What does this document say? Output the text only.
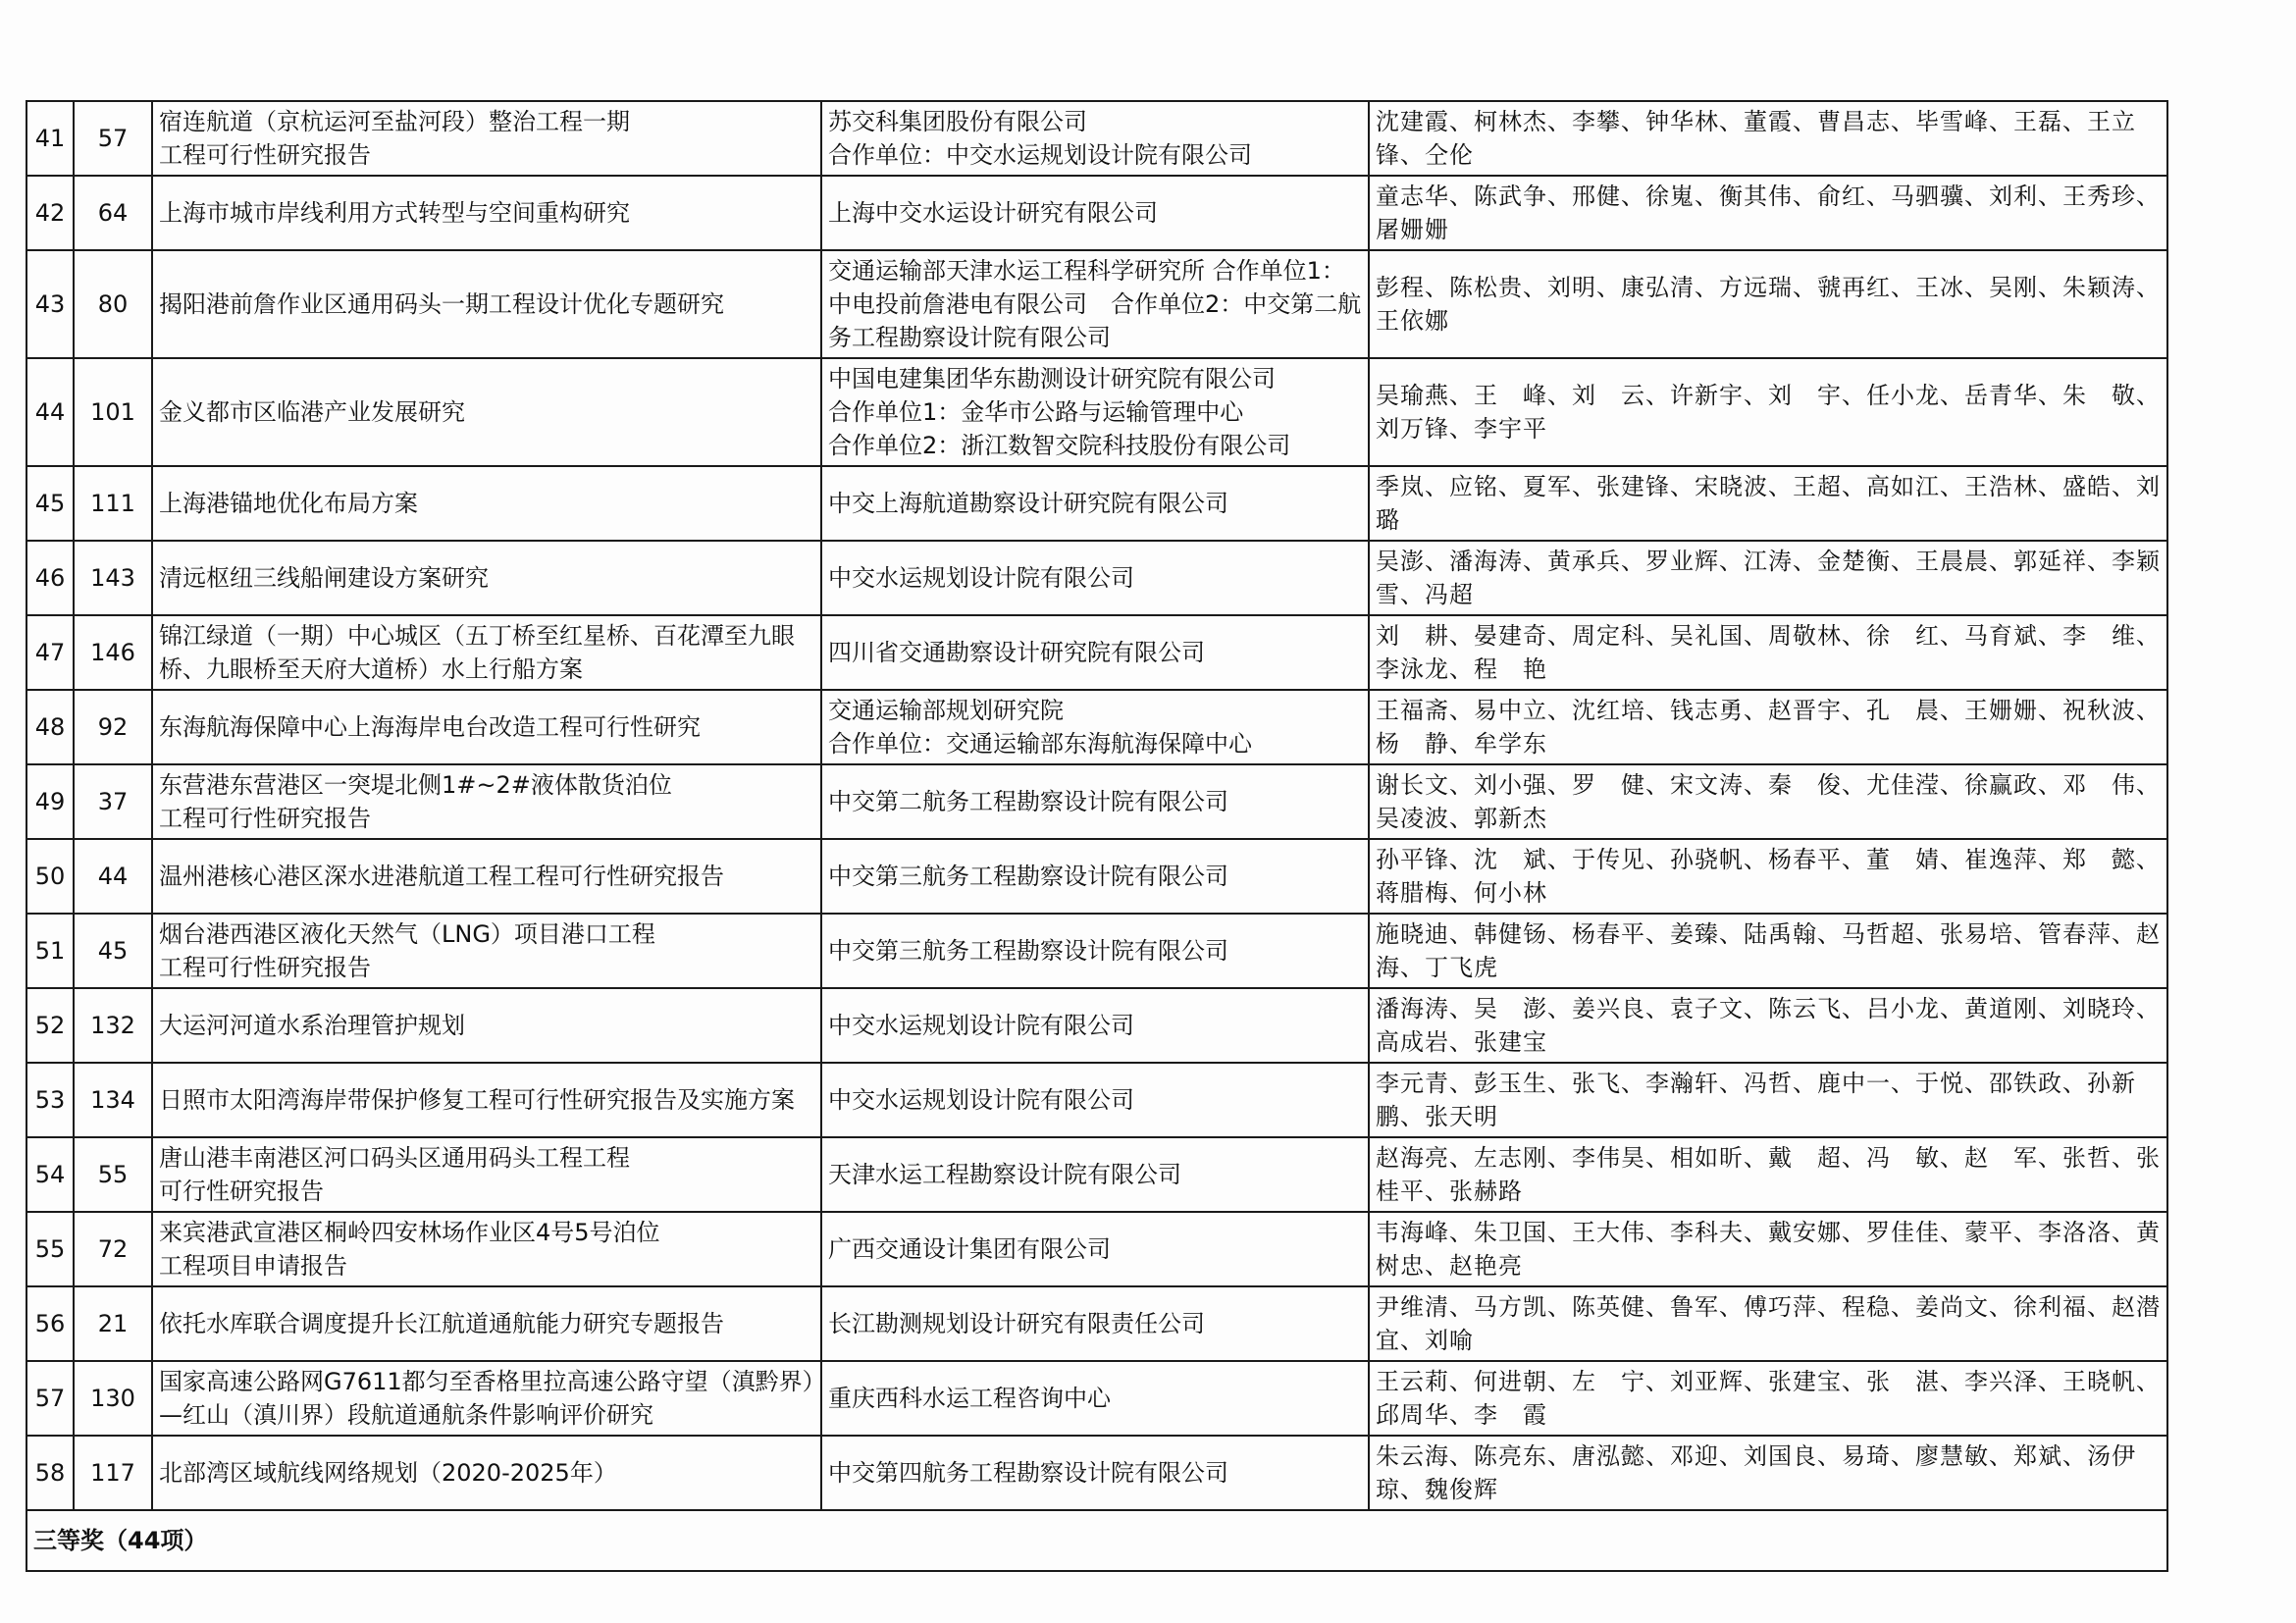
41	57	宿连航道（京杭运河至盐河段）整治工程一期
工程可行性研究报告	苏交科集团股份有限公司
合作单位：中交水运规划设计院有限公司	沈建霞、柯林杰、李攀、钟华林、董霞、曹昌志、毕雪峰、王磊、王立锋、仝伦

42	64	上海市城市岸线利用方式转型与空间重构研究	上海中交水运设计研究有限公司	童志华、陈武争、邢健、徐嵬、衡其伟、俞红、马驷骥、刘利、王秀珍、屠姗姗

43	80	揭阳港前詹作业区通用码头一期工程设计优化专题研究	交通运输部天津水运工程科学研究所 合作单位1：中电投前詹港电有限公司　合作单位2：中交第二航务工程勘察设计院有限公司	彭程、陈松贵、刘明、康弘清、方远瑞、虢再红、王冰、吴刚、朱颖涛、王依娜

44	101	金义都市区临港产业发展研究	中国电建集团华东勘测设计研究院有限公司
合作单位1：金华市公路与运输管理中心
合作单位2：浙江数智交院科技股份有限公司	吴瑜燕、王　峰、刘　云、许新宇、刘　宇、任小龙、岳青华、朱　敬、刘万锋、李宇平

45	111	上海港锚地优化布局方案	中交上海航道勘察设计研究院有限公司	季岚、应铭、夏军、张建锋、宋晓波、王超、高如江、王浩林、盛皓、刘璐

46	143	清远枢纽三线船闸建设方案研究	中交水运规划设计院有限公司	吴澎、潘海涛、黄承兵、罗业辉、江涛、金楚衡、王晨晨、郭延祥、李颖雪、冯超

47	146	锦江绿道（一期）中心城区（五丁桥至红星桥、百花潭至九眼桥、九眼桥至天府大道桥）水上行船方案	四川省交通勘察设计研究院有限公司	刘　耕、晏建奇、周定科、吴礼国、周敬林、徐　红、马育斌、李　维、李泳龙、程　艳

48	92	东海航海保障中心上海海岸电台改造工程可行性研究	交通运输部规划研究院
合作单位：交通运输部东海航海保障中心	王福斋、易中立、沈红培、钱志勇、赵晋宇、孔　晨、王姗姗、祝秋波、杨　静、牟学东

49	37	东营港东营港区一突堤北侧1#~2#液体散货泊位
工程可行性研究报告	中交第二航务工程勘察设计院有限公司	谢长文、刘小强、罗　健、宋文涛、秦　俊、尤佳滢、徐赢政、邓　伟、吴凌波、郭新杰

50	44	温州港核心港区深水进港航道工程工程可行性研究报告	中交第三航务工程勘察设计院有限公司	孙平锋、沈　斌、于传见、孙骁帆、杨春平、董　婧、崔逸萍、郑　懿、蒋腊梅、何小林

51	45	烟台港西港区液化天然气（LNG）项目港口工程
工程可行性研究报告	中交第三航务工程勘察设计院有限公司	施晓迪、韩健钖、杨春平、姜臻、陆禹翰、马哲超、张易培、管春萍、赵海、丁飞虎

52	132	大运河河道水系治理管护规划	中交水运规划设计院有限公司	潘海涛、吴　澎、姜兴良、袁子文、陈云飞、吕小龙、黄道刚、刘晓玲、高成岩、张建宝

53	134	日照市太阳湾海岸带保护修复工程可行性研究报告及实施方案	中交水运规划设计院有限公司	李元青、彭玉生、张飞、李瀚轩、冯哲、鹿中一、于悦、邵铁政、孙新鹏、张天明

54	55	唐山港丰南港区河口码头区通用码头工程工程
可行性研究报告	天津水运工程勘察设计院有限公司	赵海亮、左志刚、李伟昊、相如昕、戴　超、冯　敏、赵　军、张哲、张桂平、张赫路

55	72	来宾港武宣港区桐岭四安林场作业区4号5号泊位
工程项目申请报告	广西交通设计集团有限公司	韦海峰、朱卫国、王大伟、李科夫、戴安娜、罗佳佳、蒙平、李洛洛、黄树忠、赵艳亮

56	21	依托水库联合调度提升长江航道通航能力研究专题报告	长江勘测规划设计研究有限责任公司	尹维清、马方凯、陈英健、鲁军、傅巧萍、程稳、姜尚文、徐利福、赵潜宜、刘喻

57	130	国家高速公路网G7611都匀至香格里拉高速公路守望（滇黔界）—红山（滇川界）段航道通航条件影响评价研究	重庆西科水运工程咨询中心	王云莉、何进朝、左　宁、刘亚辉、张建宝、张　湛、李兴泽、王晓帆、邱周华、李　霞

58	117	北部湾区域航线网络规划（2020-2025年）	中交第四航务工程勘察设计院有限公司	朱云海、陈亮东、唐泓懿、邓迎、刘国良、易琦、廖慧敏、郑斌、汤伊琼、魏俊辉

三等奖（44项）				
